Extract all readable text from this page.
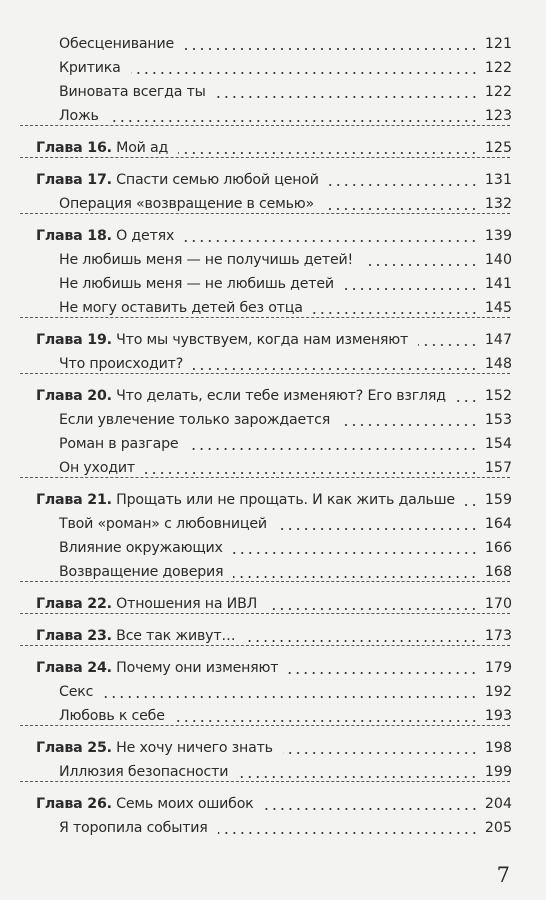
Обесценивание	121
Критика	122
Виновата всегда ты	122
Ложь	123
Глава 16. Мой ад	125
Глава 17. Спасти семью любой ценой	131
Операция «возвращение в семью»	132
Глава 18. О детях	139
Не любишь меня — не получишь детей!	140
Не любишь меня — не любишь детей	141
Не могу оставить детей без отца	145
Глава 19. Что мы чувствуем, когда нам изменяют	147
Что происходит?	148
Глава 20. Что делать, если тебе изменяют? Его взгляд	152
Если увлечение только зарождается	153
Роман в разгаре	154
Он уходит	157
Глава 21. Прощать или не прощать. И как жить дальше 159
Твой «роман» с любовницей	164
Влияние окружающих	166
Возвращение доверия	168
Глава 22. Отношения на ИВЛ	170
Глава 23. Все так живут…	173
Глава 24. Почему они изменяют	179
Секс	192
Любовь к себе	193
Глава 25. Не хочу ничего знать	198
Иллюзия безопасности	199
Глава 26. Семь моих ошибок	204
Я торопила события	205
7
